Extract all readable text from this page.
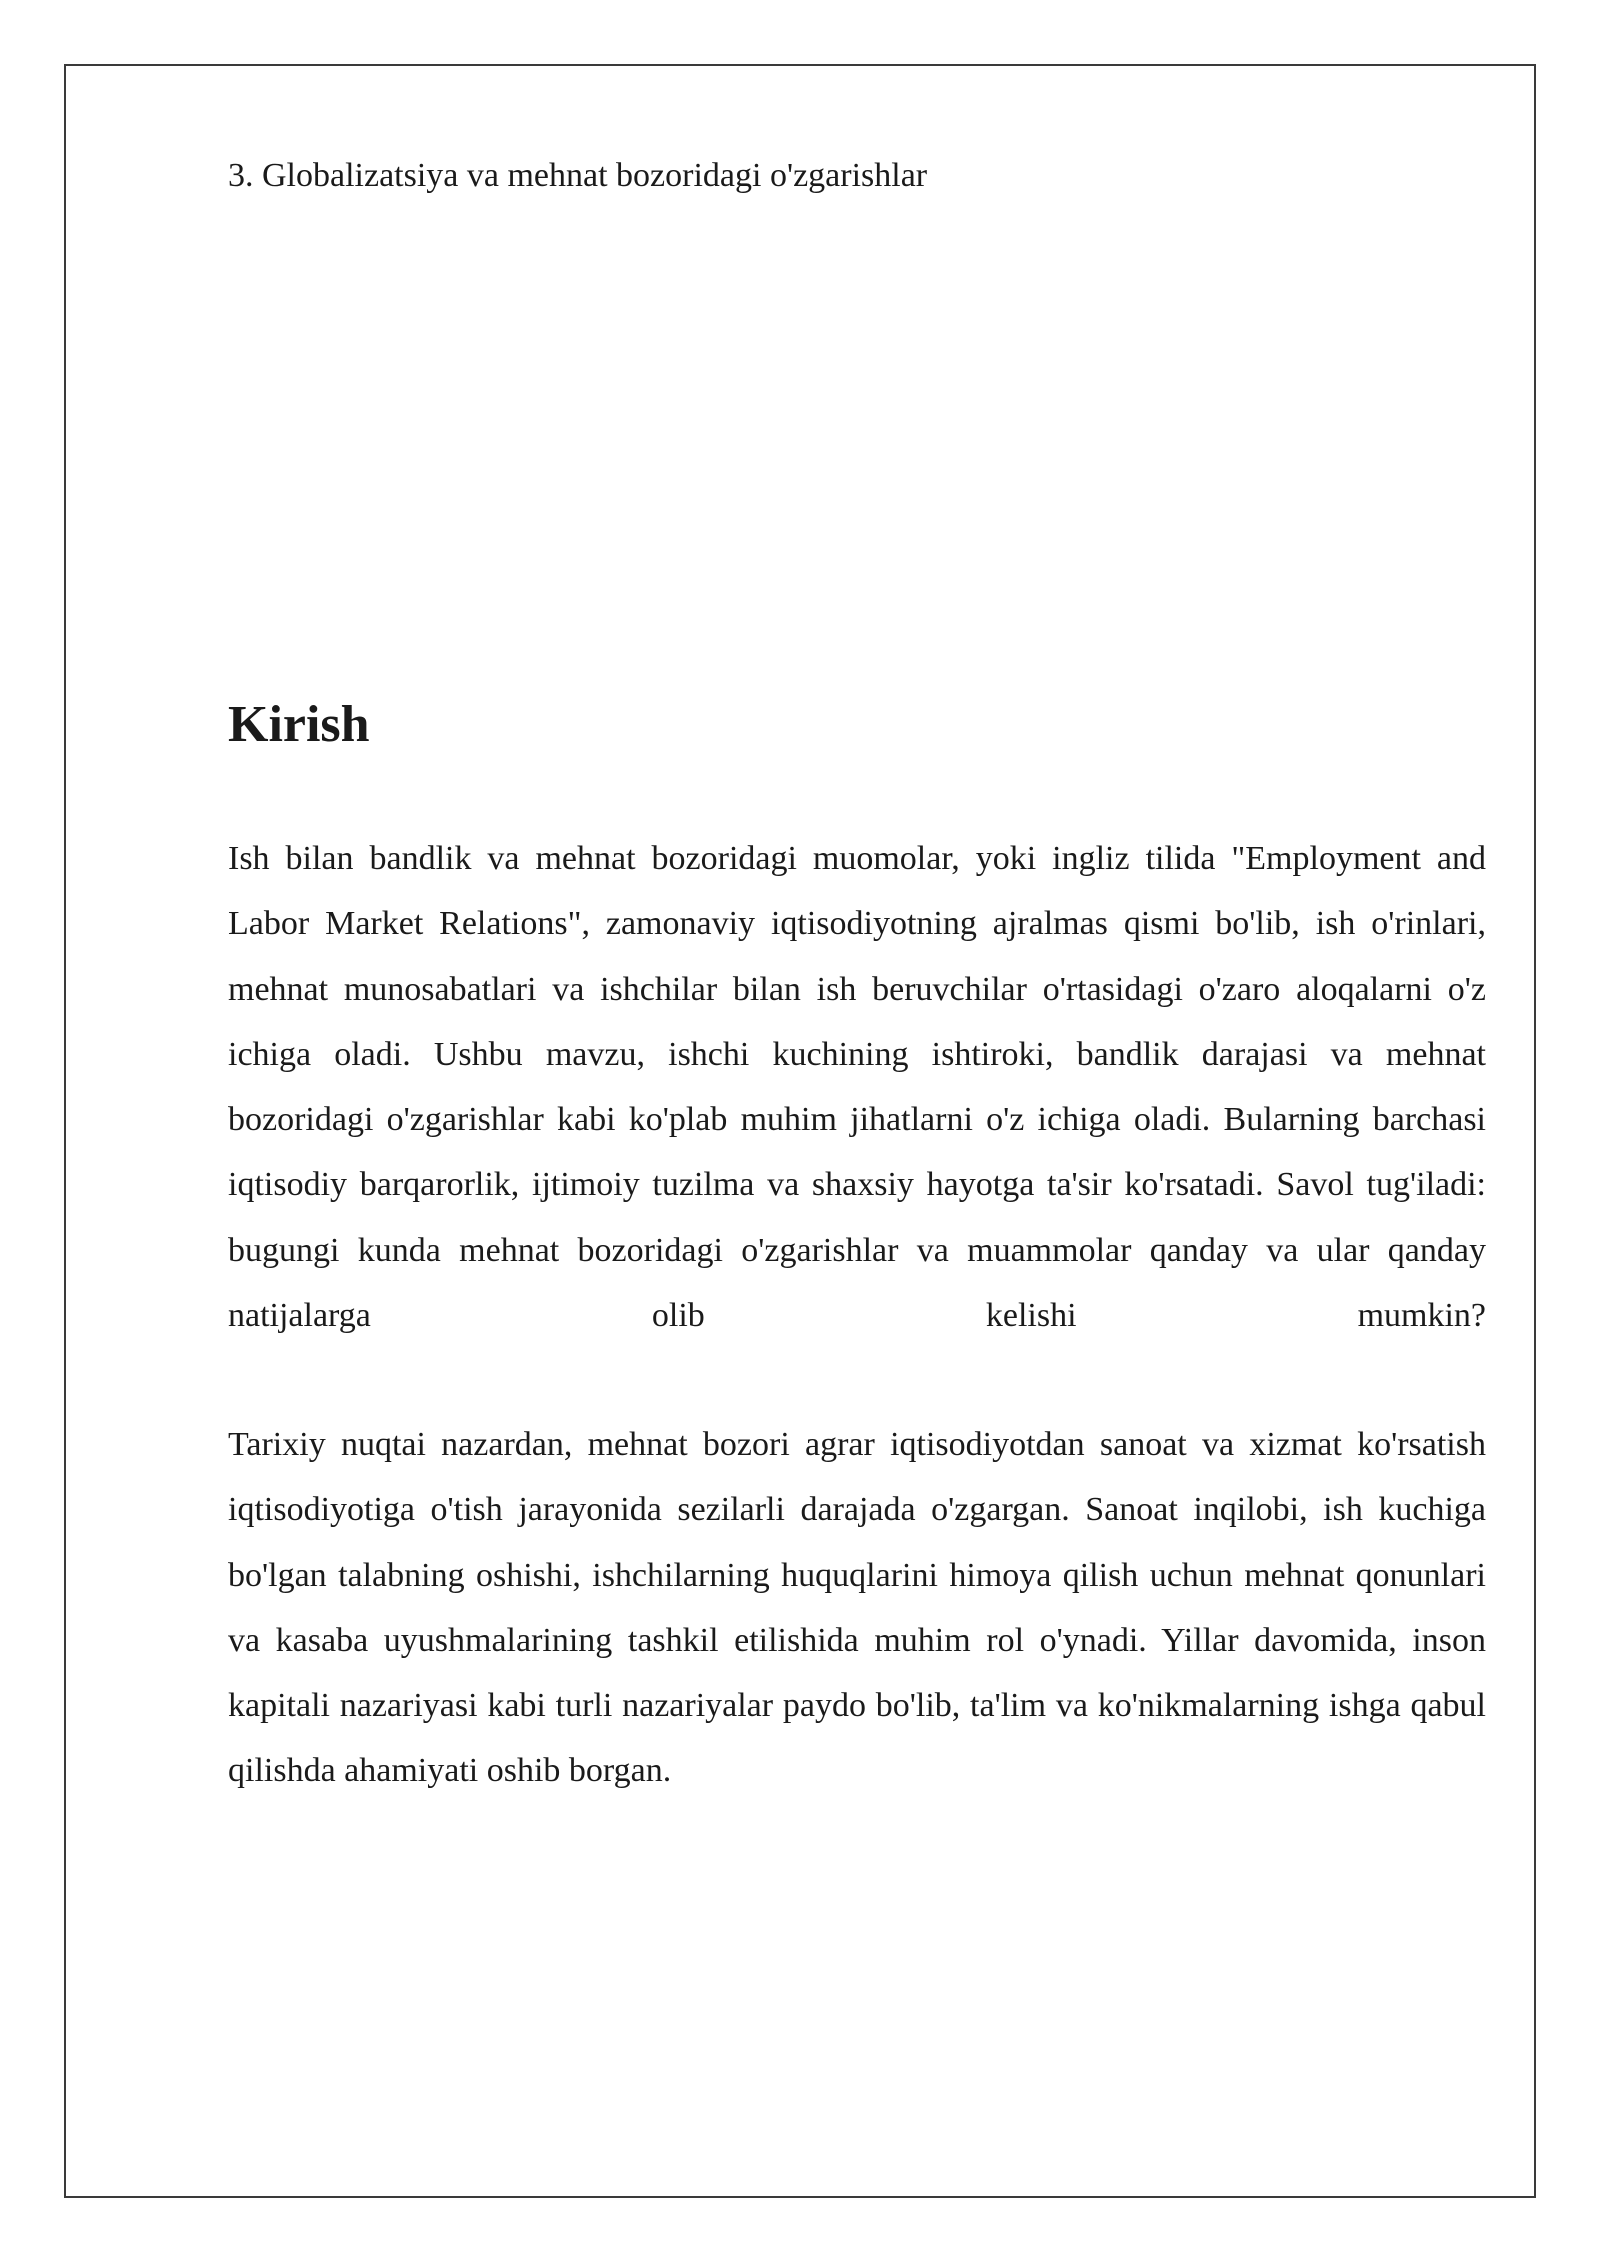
3. Globalizatsiya va mehnat bozoridagi o'zgarishlar
Kirish

Ish bilan bandlik va mehnat bozoridagi muomolar, yoki ingliz tilida "Employment and Labor Market Relations", zamonaviy iqtisodiyotning ajralmas qismi bo'lib, ish o'rinlari, mehnat munosabatlari va ishchilar bilan ish beruvchilar o'rtasidagi o'zaro aloqalarni o'z ichiga oladi. Ushbu mavzu, ishchi kuchining ishtiroki, bandlik darajasi va mehnat bozoridagi o'zgarishlar kabi ko'plab muhim jihatlarni o'z ichiga oladi. Bularning barchasi iqtisodiy barqarorlik, ijtimoiy tuzilma va shaxsiy hayotga ta'sir ko'rsatadi. Savol tug'iladi: bugungi kunda mehnat bozoridagi o'zgarishlar va muammolar qanday va ular qanday natijalarga olib kelishi mumkin?

Tarixiy nuqtai nazardan, mehnat bozori agrar iqtisodiyotdan sanoat va xizmat ko'rsatish iqtisodiyotiga o'tish jarayonida sezilarli darajada o'zgargan. Sanoat inqilobi, ish kuchiga bo'lgan talabning oshishi, ishchilarning huquqlarini himoya qilish uchun mehnat qonunlari va kasaba uyushmalarining tashkil etilishida muhim rol o'ynadi. Yillar davomida, inson kapitali nazariyasi kabi turli nazariyalar paydo bo'lib, ta'lim va ko'nikmalarning ishga qabul qilishda ahamiyati oshib borgan.
